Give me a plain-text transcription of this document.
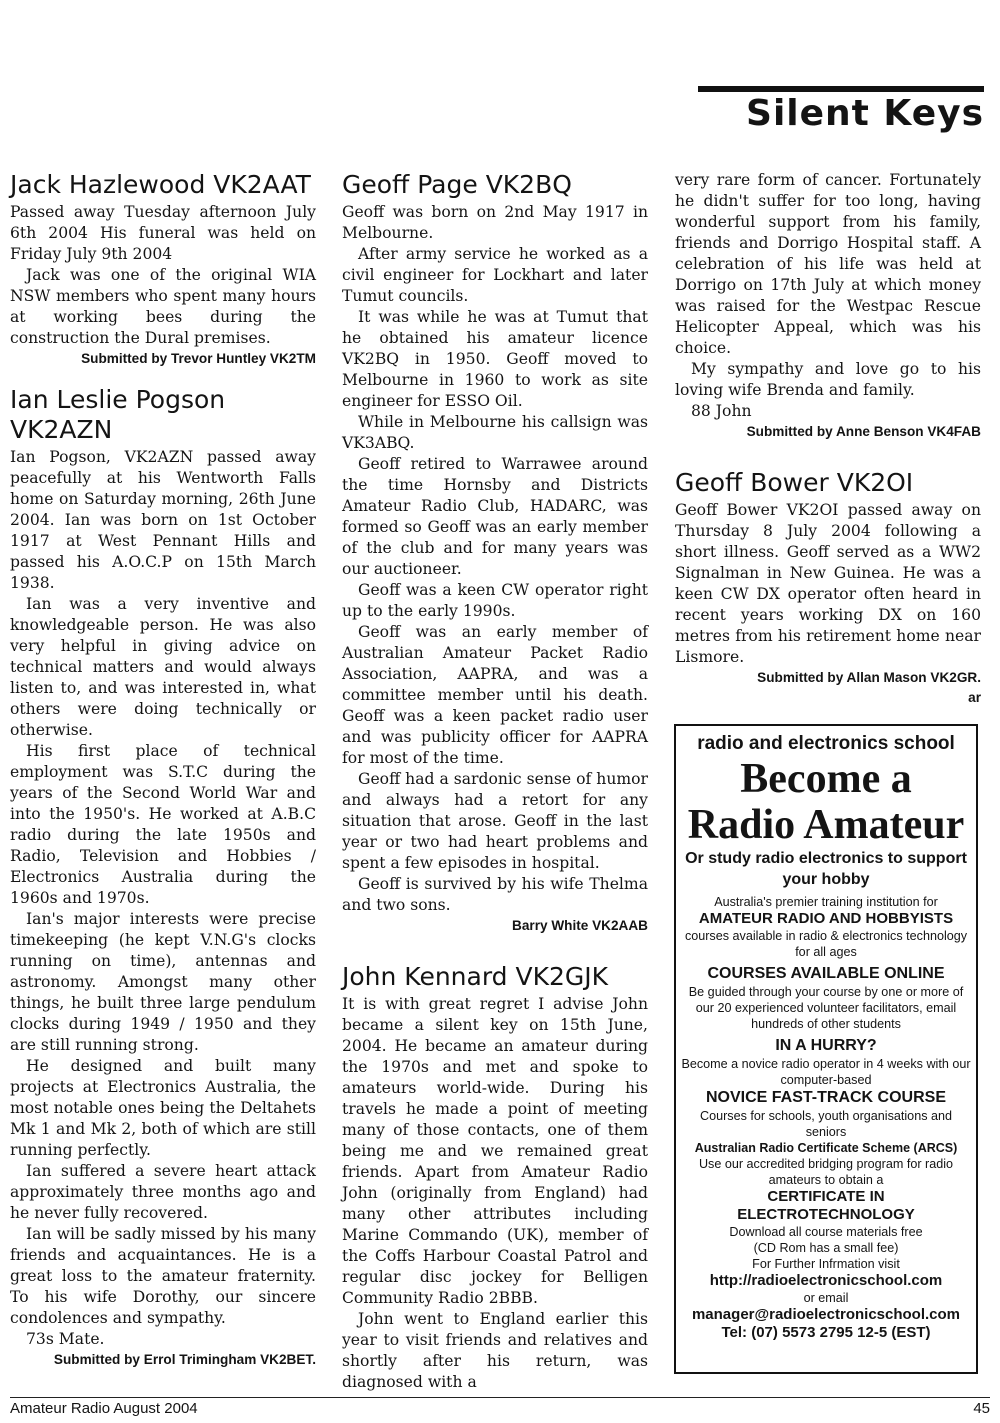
Silent Keys
Jack Hazlewood VK2AAT

Passed away Tuesday afternoon July 6th 2004 His funeral was held on Friday July 9th 2004

Jack was one of the original WIA NSW members who spent many hours at working bees during the construction the Dural premises.

Submitted by Trevor Huntley VK2TM

Ian Leslie Pogson VK2AZN

Ian Pogson, VK2AZN passed away peacefully at his Wentworth Falls home on Saturday morning, 26th June 2004. Ian was born on 1st October 1917 at West Pennant Hills and passed his A.O.C.P on 15th March 1938.

Ian was a very inventive and knowledgeable person. He was also very helpful in giving advice on technical matters and would always listen to, and was interested in, what others were doing technically or otherwise.

His first place of technical employment was S.T.C during the years of the Second World War and into the 1950's. He worked at A.B.C radio during the late 1950s and Radio, Television and Hobbies / Electronics Australia during the 1960s and 1970s.

Ian's major interests were precise timekeeping (he kept V.N.G's clocks running on time), antennas and astronomy. Amongst many other things, he built three large pendulum clocks during 1949 / 1950 and they are still running strong.

He designed and built many projects at Electronics Australia, the most notable ones being the Deltahets Mk 1 and Mk 2, both of which are still running perfectly.

Ian suffered a severe heart attack approximately three months ago and he never fully recovered.

Ian will be sadly missed by his many friends and acquaintances. He is a great loss to the amateur fraternity. To his wife Dorothy, our sincere condolences and sympathy.

73s Mate.

Submitted by Errol Trimingham VK2BET.

Geoff Page VK2BQ

Geoff was born on 2nd May 1917 in Melbourne.

After army service he worked as a civil engineer for Lockhart and later Tumut councils.

It was while he was at Tumut that he obtained his amateur licence VK2BQ in 1950. Geoff moved to Melbourne in 1960 to work as site engineer for ESSO Oil.

While in Melbourne his callsign was VK3ABQ.

Geoff retired to Warrawee around the time Hornsby and Districts Amateur Radio Club, HADARC, was formed so Geoff was an early member of the club and for many years was our auctioneer.

Geoff was a keen CW operator right up to the early 1990s.

Geoff was an early member of Australian Amateur Packet Radio Association, AAPRA, and was a committee member until his death. Geoff was a keen packet radio user and was publicity officer for AAPRA for most of the time.

Geoff had a sardonic sense of humor and always had a retort for any situation that arose. Geoff in the last year or two had heart problems and spent a few episodes in hospital.

Geoff is survived by his wife Thelma and two sons.

Barry White VK2AAB

John Kennard VK2GJK

It is with great regret I advise John became a silent key on 15th June, 2004. He became an amateur during the 1970s and met and spoke to amateurs world-wide. During his travels he made a point of meeting many of those contacts, one of them being me and we remained great friends. Apart from Amateur Radio John (originally from England) had many other attributes including Marine Commando (UK), member of the Coffs Harbour Coastal Patrol and regular disc jockey for Belligen Community Radio 2BBB.

John went to England earlier this year to visit friends and relatives and shortly after his return, was diagnosed with a

very rare form of cancer. Fortunately he didn't suffer for too long, having wonderful support from his family, friends and Dorrigo Hospital staff. A celebration of his life was held at Dorrigo on 17th July at which money was raised for the Westpac Rescue Helicopter Appeal, which was his choice.

My sympathy and love go to his loving wife Brenda and family.

88 John

Submitted by Anne Benson VK4FAB

Geoff Bower VK2OI

Geoff Bower VK2OI passed away on Thursday 8 July 2004 following a short illness. Geoff served as a WW2 Signalman in New Guinea. He was a keen CW DX operator often heard in recent years working DX on 160 metres from his retirement home near Lismore.

Submitted by Allan Mason VK2GR.

ar

radio and electronics school
Become a
Radio Amateur
Or study radio electronics to support your hobby
Australia's premier training institution for
AMATEUR RADIO AND HOBBYISTS
courses available in radio & electronics technology for all ages
COURSES AVAILABLE ONLINE
Be guided through your course by one or more of our 20 experienced volunteer facilitators, email hundreds of other students
IN A HURRY?
Become a novice radio operator in 4 weeks with our computer-based
NOVICE FAST-TRACK COURSE
Courses for schools, youth organisations and seniors
Australian Radio Certificate Scheme (ARCS)
Use our accredited bridging program for radio amateurs to obtain a
CERTIFICATE IN ELECTROTECHNOLOGY
Download all course materials free
(CD Rom has a small fee)
For Further Infrmation visit
http://radioelectronicschool.com
or email
manager@radioelectronicschool.com
Tel: (07) 5573 2795 12-5 (EST)
Amateur Radio August 2004	45
